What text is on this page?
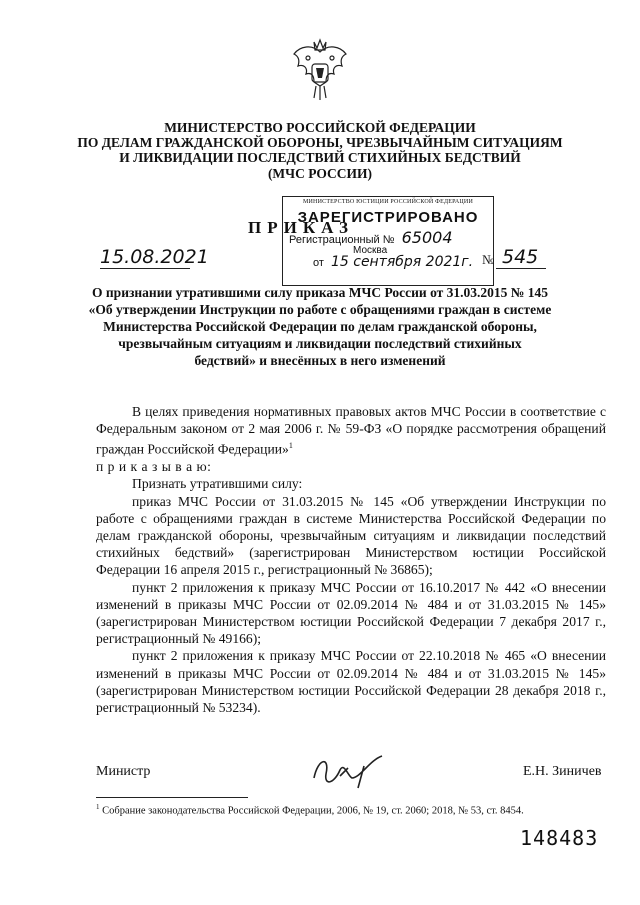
МИНИСТЕРСТВО РОССИЙСКОЙ ФЕДЕРАЦИИ
ПО ДЕЛАМ ГРАЖДАНСКОЙ ОБОРОНЫ, ЧРЕЗВЫЧАЙНЫМ СИТУАЦИЯМ
И ЛИКВИДАЦИИ ПОСЛЕДСТВИЙ СТИХИЙНЫХ БЕДСТВИЙ
(МЧС РОССИИ)
ПРИКАЗ
МИНИСТЕРСТВО ЮСТИЦИИ РОССИЙСКОЙ ФЕДЕРАЦИИ
ЗАРЕГИСТРИРОВАНО
Регистрационный № 65004
Москва
от 15 сентября 2021г.
15.08.2021	№ 545
О признании утратившими силу приказа МЧС России от 31.03.2015 № 145
«Об утверждении Инструкции по работе с обращениями граждан в системе
Министерства Российской Федерации по делам гражданской обороны,
чрезвычайным ситуациям и ликвидации последствий стихийных
бедствий» и внесённых в него изменений

В целях приведения нормативных правовых актов МЧС России в соответствие с Федеральным законом от 2 мая 2006 г. № 59-ФЗ «О порядке рассмотрения обращений граждан Российской Федерации»$^1$

п р и к а з ы в а ю:

Признать утратившими силу:

приказ МЧС России от 31.03.2015 № 145 «Об утверждении Инструкции по работе с обращениями граждан в системе Министерства Российской Федерации по делам гражданской обороны, чрезвычайным ситуациям и ликвидации последствий стихийных бедствий» (зарегистрирован Министерством юстиции Российской Федерации 16 апреля 2015 г., регистрационный № 36865);

пункт 2 приложения к приказу МЧС России от 16.10.2017 № 442 «О внесении изменений в приказы МЧС России от 02.09.2014 № 484 и от 31.03.2015 № 145» (зарегистрирован Министерством юстиции Российской Федерации 7 декабря 2017 г., регистрационный № 49166);

пункт 2 приложения к приказу МЧС России от 22.10.2018 № 465 «О внесении изменений в приказы МЧС России от 02.09.2014 № 484 и от 31.03.2015 № 145» (зарегистрирован Министерством юстиции Российской Федерации 28 декабря 2018 г., регистрационный № 53234).

Министр	Е.Н. Зиничев
$^1$ Собрание законодательства Российской Федерации, 2006, № 19, ст. 2060; 2018, № 53, ст. 8454.
148483
